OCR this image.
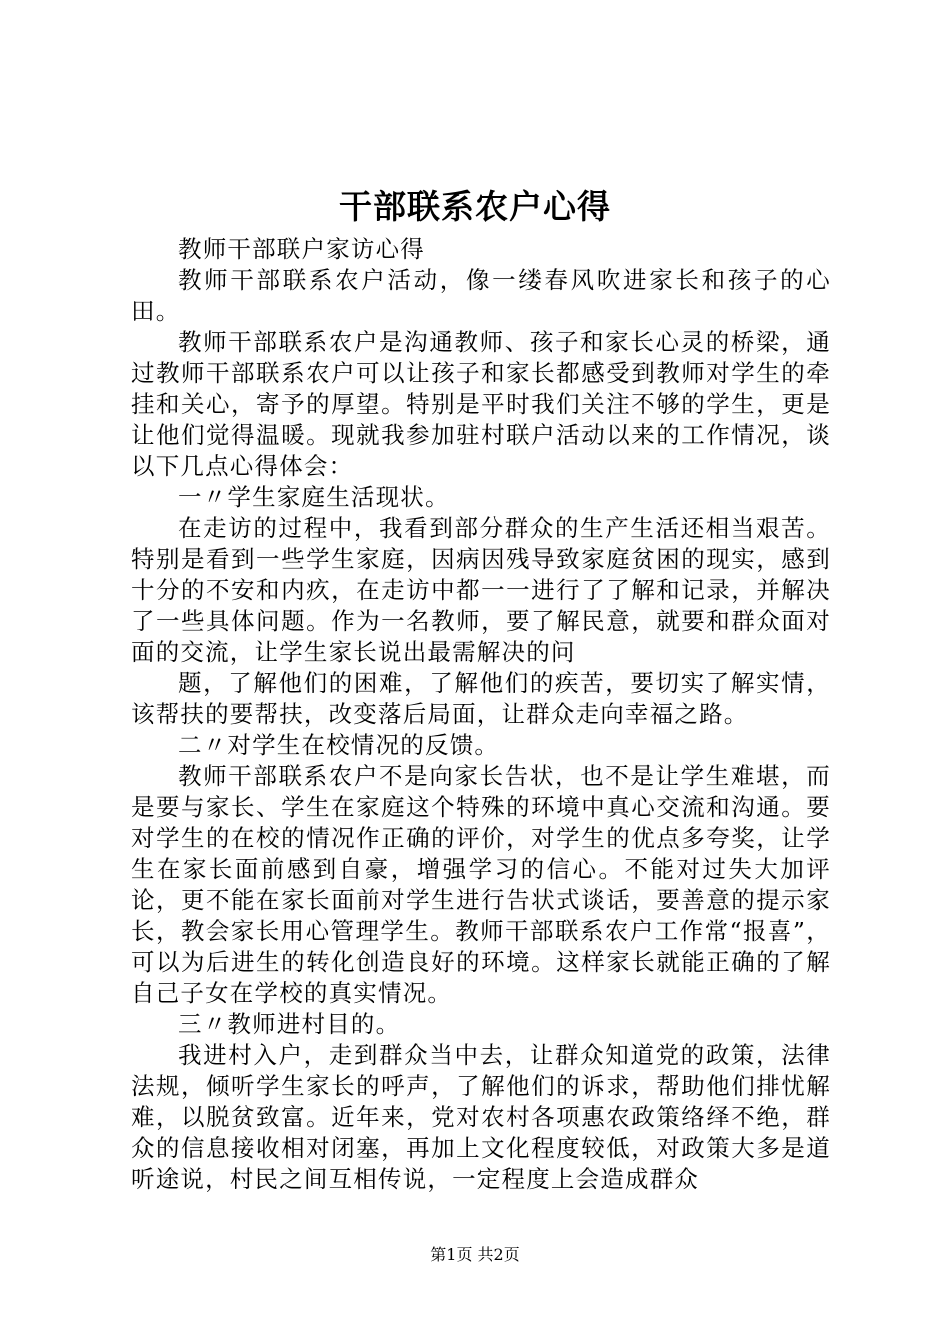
干部联系农户心得

教师干部联户家访心得

教师干部联系农户活动，像一缕春风吹进家长和孩子的心田。

教师干部联系农户是沟通教师、孩子和家长心灵的桥梁，通过教师干部联系农户可以让孩子和家长都感受到教师对学生的牵挂和关心，寄予的厚望。特别是平时我们关注不够的学生，更是让他们觉得温暖。现就我参加驻村联户活动以来的工作情况，谈以下几点心得体会：

一〃学生家庭生活现状。

在走访的过程中，我看到部分群众的生产生活还相当艰苦。特别是看到一些学生家庭，因病因残导致家庭贫困的现实，感到十分的不安和内疚，在走访中都一一进行了了解和记录，并解决了一些具体问题。作为一名教师，要了解民意，就要和群众面对面的交流，让学生家长说出最需解决的问

题，了解他们的困难，了解他们的疾苦，要切实了解实情，该帮扶的要帮扶，改变落后局面，让群众走向幸福之路。

二〃对学生在校情况的反馈。

教师干部联系农户不是向家长告状，也不是让学生难堪，而是要与家长、学生在家庭这个特殊的环境中真心交流和沟通。要对学生的在校的情况作正确的评价，对学生的优点多夸奖，让学生在家长面前感到自豪，增强学习的信心。不能对过失大加评论，更不能在家长面前对学生进行告状式谈话，要善意的提示家长，教会家长用心管理学生。教师干部联系农户工作常“报喜”，可以为后进生的转化创造良好的环境。这样家长就能正确的了解自己子女在学校的真实情况。

三〃教师进村目的。

我进村入户，走到群众当中去，让群众知道党的政策，法律法规，倾听学生家长的呼声，了解他们的诉求，帮助他们排忧解难，以脱贫致富。近年来，党对农村各项惠农政策络绎不绝，群众的信息接收相对闭塞，再加上文化程度较低，对政策大多是道听途说，村民之间互相传说，一定程度上会造成群众

第1页 共2页
